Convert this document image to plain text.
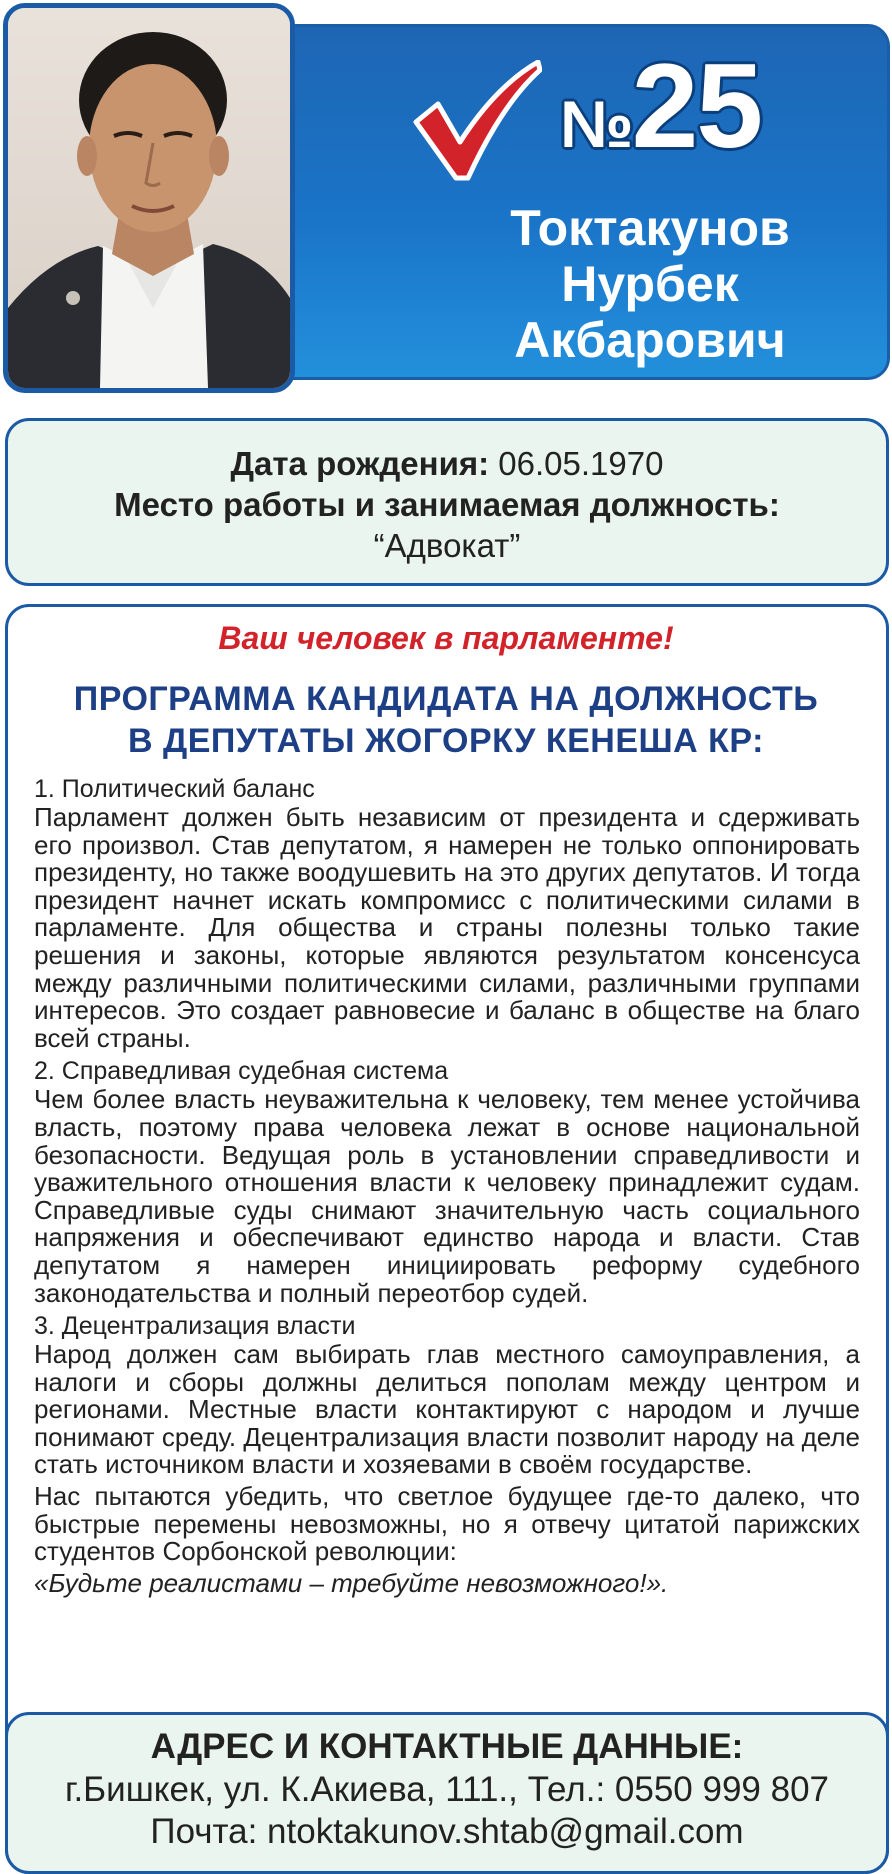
№25
Токтакунов
Нурбек
Акбарович
Дата рождения: 06.05.1970
Место работы и занимаемая должность:
“Адвокат”
Ваш человек в парламенте!
ПРОГРАММА КАНДИДАТА НА ДОЛЖНОСТЬ
В ДЕПУТАТЫ ЖОГОРКУ КЕНЕША КР:

1. Политический баланс

Парламент должен быть независим от президента и сдерживать его произвол. Став депутатом, я намерен не только оппонировать президенту, но также воодушевить на это других депутатов. И тогда президент начнет искать компромисс с политическими силами в парламенте. Для общества и страны полезны только такие решения и законы, которые являются результатом консенсуса между различными политическими силами, различными группами интересов. Это создает равновесие и баланс в обществе на благо всей страны.

2. Справедливая судебная система

Чем более власть неуважительна к человеку, тем менее устойчива власть, поэтому права человека лежат в основе национальной безопасности. Ведущая роль в установлении справедливости и уважительного отношения власти к человеку принадлежит судам. Справедливые суды снимают значительную часть социального напряжения и обеспечивают единство народа и власти. Став депутатом я намерен инициировать реформу судебного законодательства и полный переотбор судей.

3. Децентрализация власти

Народ должен сам выбирать глав местного самоуправления, а налоги и сборы должны делиться пополам между центром и регионами. Местные власти контактируют с народом и лучше понимают среду. Децентрализация власти позволит народу на деле стать источником власти и хозяевами в своём государстве.

Нас пытаются убедить, что светлое будущее где-то далеко, что быстрые перемены невозможны, но я отвечу цитатой парижских студентов Сорбонской революции:

«Будьте реалистами – требуйте невозможного!».

АДРЕС И КОНТАКТНЫЕ ДАННЫЕ:
г.Бишкек, ул. К.Акиева, 111., Тел.: 0550 999 807
Почта: ntoktakunov.shtab@gmail.com
